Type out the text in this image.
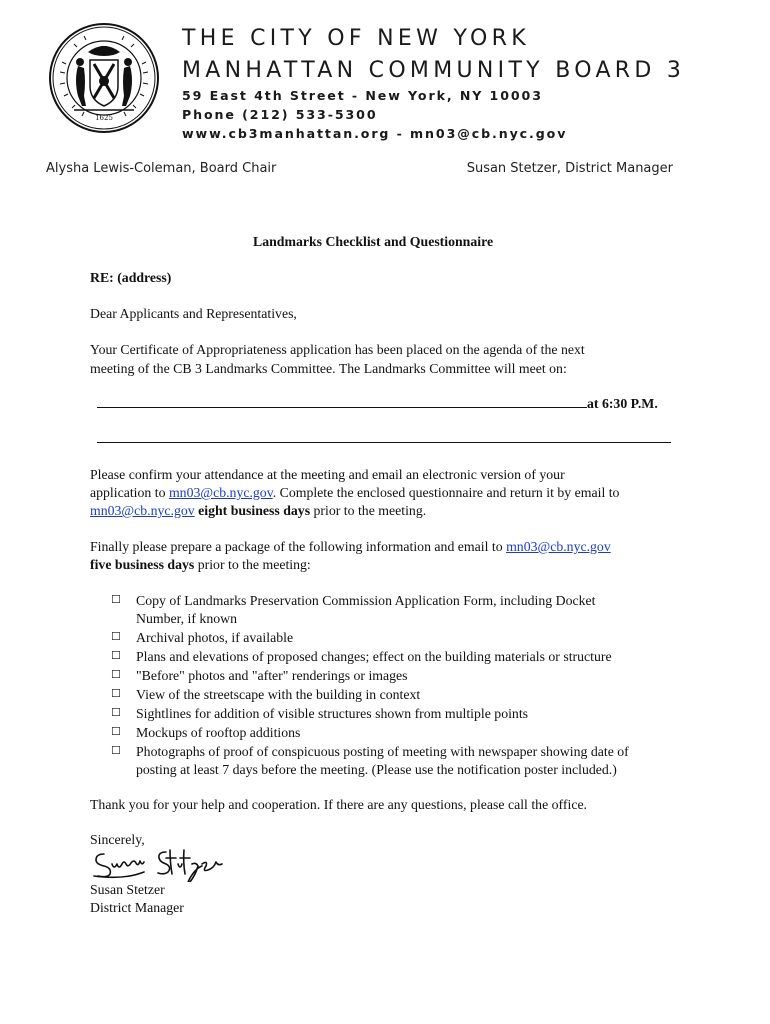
1625
THE CITY OF NEW YORK
MANHATTAN COMMUNITY BOARD 3
59 East 4th Street - New York, NY 10003
Phone (212) 533-5300
www.cb3manhattan.org - mn03@cb.nyc.gov
Alysha Lewis-Coleman, Board Chair	Susan Stetzer, District Manager
Landmarks Checklist and Questionnaire
RE: (address)
Dear Applicants and Representatives,
Your Certificate of Appropriateness application has been placed on the agenda of the next
meeting of the CB 3 Landmarks Committee. The Landmarks Committee will meet on:
at 6:30 P.M.
Please confirm your attendance at the meeting and email an electronic version of your
application to mn03@cb.nyc.gov. Complete the enclosed questionnaire and return it by email to
mn03@cb.nyc.gov eight business days prior to the meeting.
Finally please prepare a package of the following information and email to mn03@cb.nyc.gov
five business days prior to the meeting:
☐ Copy of Landmarks Preservation Commission Application Form, including Docket
Number, if known
☐ Archival photos, if available
☐ Plans and elevations of proposed changes; effect on the building materials or structure
☐ "Before" photos and "after" renderings or images
☐ View of the streetscape with the building in context
☐ Sightlines for addition of visible structures shown from multiple points
☐ Mockups of rooftop additions
☐ Photographs of proof of conspicuous posting of meeting with newspaper showing date of
posting at least 7 days before the meeting. (Please use the notification poster included.)
Thank you for your help and cooperation. If there are any questions, please call the office.
Sincerely,
Susan Stetzer
District Manager
